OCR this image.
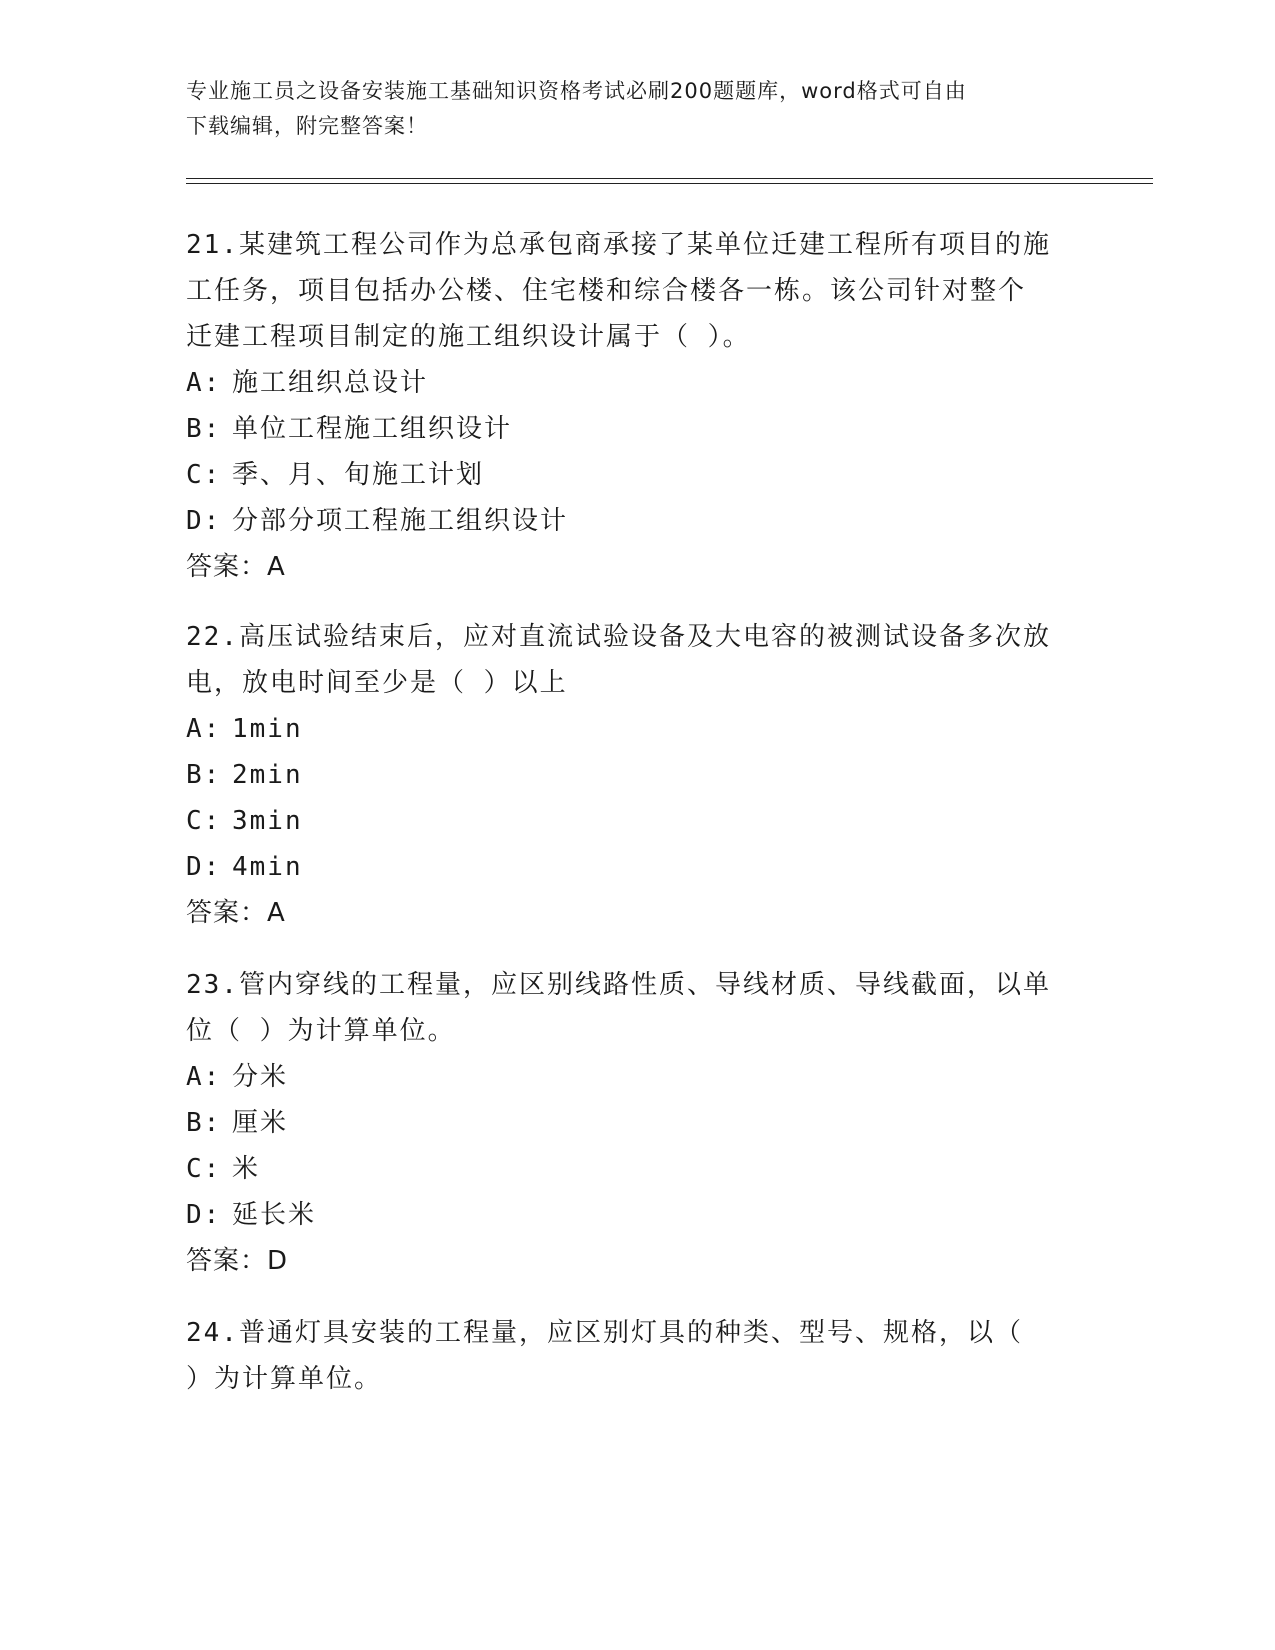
专业施工员之设备安装施工基础知识资格考试必刷200题题库，word格式可自由
下载编辑，附完整答案！
21.某建筑工程公司作为总承包商承接了某单位迁建工程所有项目的施
工任务，项目包括办公楼、住宅楼和综合楼各一栋。该公司针对整个
迁建工程项目制定的施工组织设计属于（ ）。
A: 施工组织总设计
B: 单位工程施工组织设计
C: 季、月、旬施工计划
D: 分部分项工程施工组织设计
答案：A
22.高压试验结束后，应对直流试验设备及大电容的被测试设备多次放
电，放电时间至少是（ ）以上
A: 1min
B: 2min
C: 3min
D: 4min
答案：A
23.管内穿线的工程量，应区别线路性质、导线材质、导线截面，以单
位（ ）为计算单位。
A: 分米
B: 厘米
C: 米
D: 延长米
答案：D
24.普通灯具安装的工程量，应区别灯具的种类、型号、规格，以（
）为计算单位。
